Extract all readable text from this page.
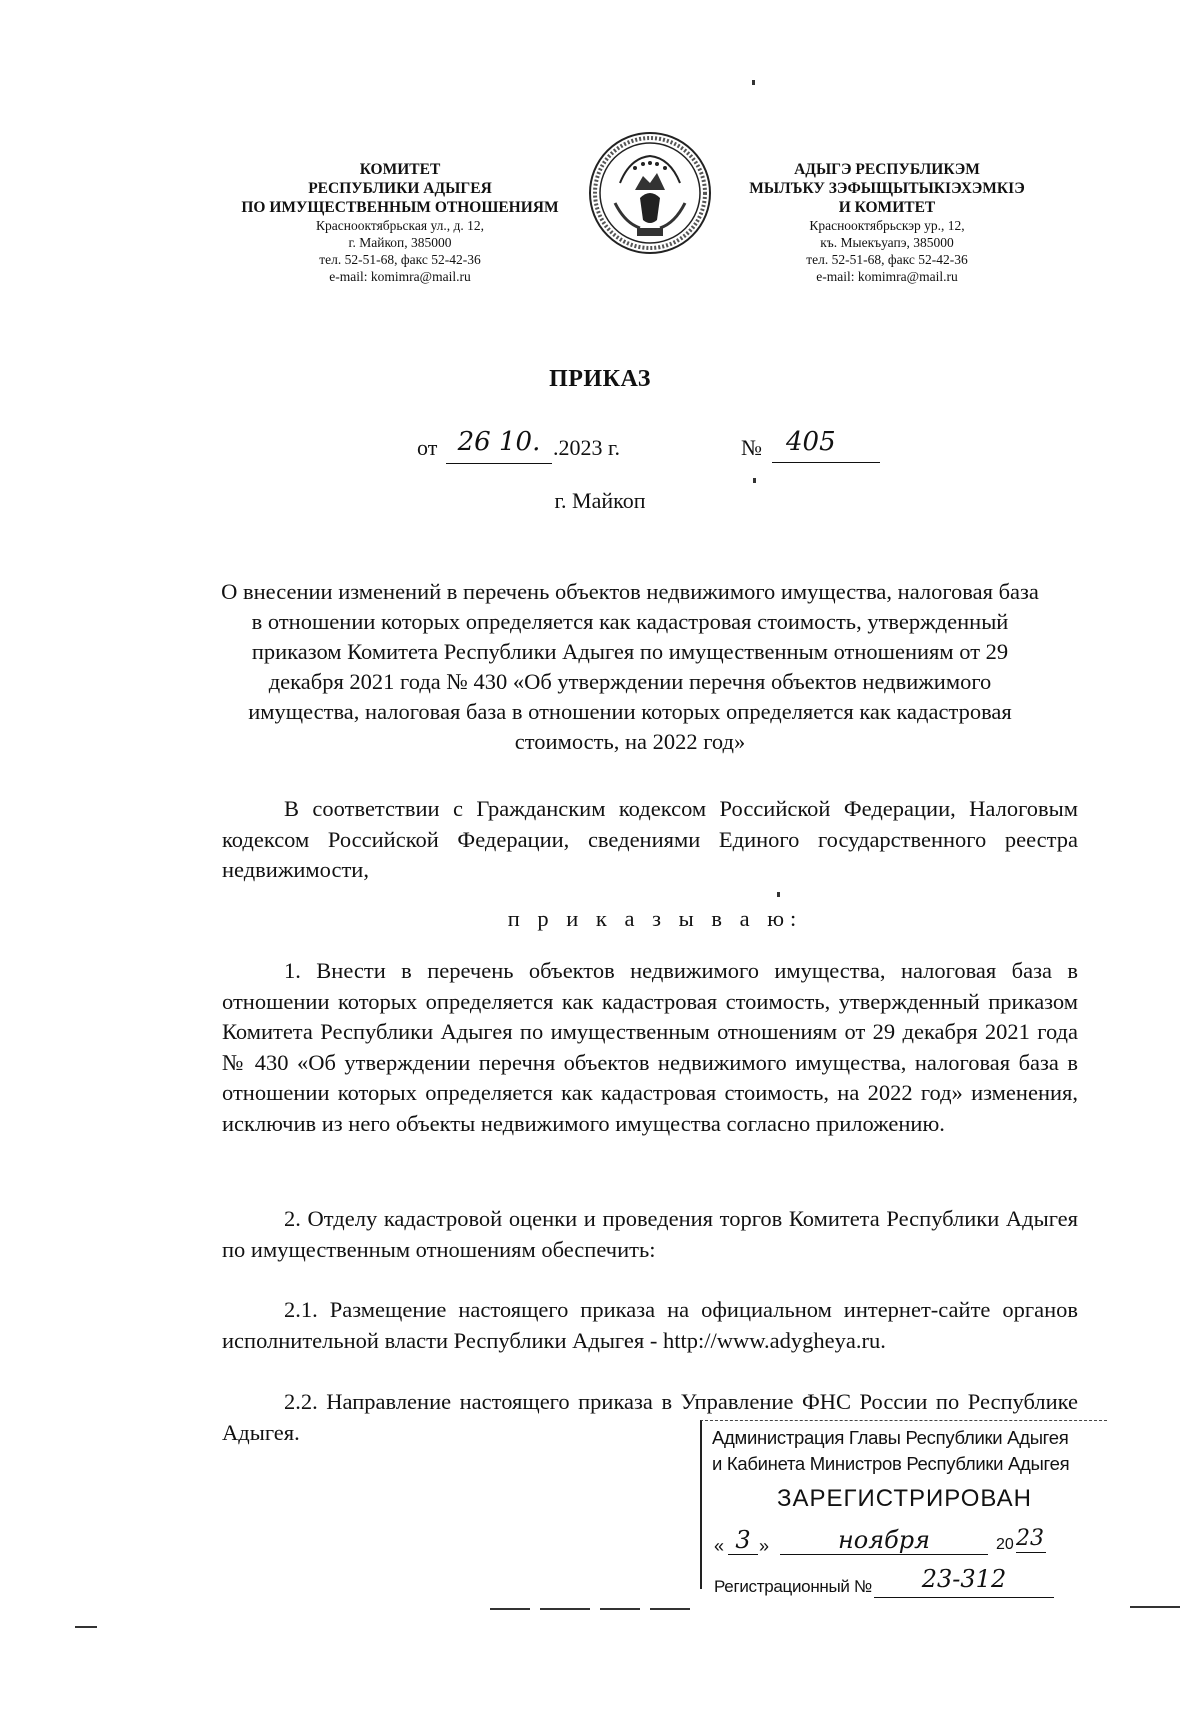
КОМИТЕТ
РЕСПУБЛИКИ АДЫГЕЯ
ПО ИМУЩЕСТВЕННЫМ ОТНОШЕНИЯМ
Краснооктябрьская ул., д. 12,
г. Майкоп, 385000
тел. 52-51-68, факс 52-42-36
e-mail: komimra@mail.ru
АДЫГЭ РЕСПУБЛИКЭМ
МЫЛЪКУ ЗЭФЫЩЫТЫКІЭХЭМКІЭ
И КОМИТЕТ
Краснооктябрьскэр ур., 12,
къ. Мыекъуапэ, 385000
тел. 52-51-68, факс 52-42-36
e-mail: komimra@mail.ru
ПРИКАЗ
от 26 10. .2023 г.	№ 405
г. Майкоп
О внесении изменений в перечень объектов недвижимого имущества, налоговая база в отношении которых определяется как кадастровая стоимость, утвержденный приказом Комитета Республики Адыгея по имущественным отношениям от 29 декабря 2021 года № 430 «Об утверждении перечня объектов недвижимого имущества, налоговая база в отношении которых определяется как кадастровая стоимость, на 2022 год»
В соответствии с Гражданским кодексом Российской Федерации, Налоговым кодексом Российской Федерации, сведениями Единого государственного реестра недвижимости,
п р и к а з ы в а ю:
1. Внести в перечень объектов недвижимого имущества, налоговая база в отношении которых определяется как кадастровая стоимость, утвержденный приказом Комитета Республики Адыгея по имущественным отношениям от 29 декабря 2021 года № 430 «Об утверждении перечня объектов недвижимого имущества, налоговая база в отношении которых определяется как кадастровая стоимость, на 2022 год» изменения, исключив из него объекты недвижимого имущества согласно приложению.
2. Отделу кадастровой оценки и проведения торгов Комитета Республики Адыгея по имущественным отношениям обеспечить:
2.1. Размещение настоящего приказа на официальном интернет-сайте органов исполнительной власти Республики Адыгея - http://www.adygheya.ru.
2.2. Направление настоящего приказа в Управление ФНС России по Республике Адыгея.	Администрация Главы Республики Адыгея
и Кабинета Министров Республики Адыгея
ЗАРЕГИСТРИРОВАН
« 3 »	ноября	20 23
Регистрационный №	23-312
